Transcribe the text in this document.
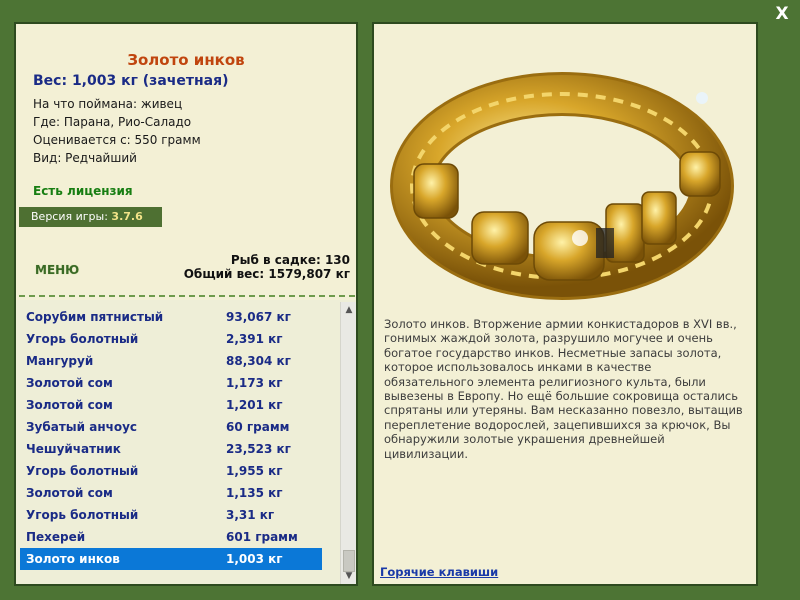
X
Золото инков
Вес: 1,003 кг (зачетная)
На что поймана: живец
Где: Парана, Рио-Саладо
Оценивается с: 550 грамм
Вид: Редчайший
Есть лицензия
Версия игры: 3.7.6
МЕНЮ
Рыб в садке: 130
Общий вес: 1579,807 кг
▲
▼
Сорубим пятнистый	93,067 кг
Угорь болотный	2,391 кг
Мангуруй	88,304 кг
Золотой сом	1,173 кг
Золотой сом	1,201 кг
Зубатый анчоус	60 грамм
Чешуйчатник	23,523 кг
Угорь болотный	1,955 кг
Золотой сом	1,135 кг
Угорь болотный	3,31 кг
Пехерей	601 грамм
Золото инков	1,003 кг
Золото инков. Вторжение армии конкистадоров в XVI вв., гонимых жаждой золота, разрушило могучее и очень богатое государство инков. Несметные запасы золота, которое использовалось инками в качестве обязательного элемента религиозного культа, были вывезены в Европу. Но ещё большие сокровища остались спрятаны или утеряны. Вам несказанно повезло, вытащив переплетение водорослей, зацепившихся за крючок, Вы обнаружили золотые украшения древнейшей цивилизации.
Горячие клавиши
